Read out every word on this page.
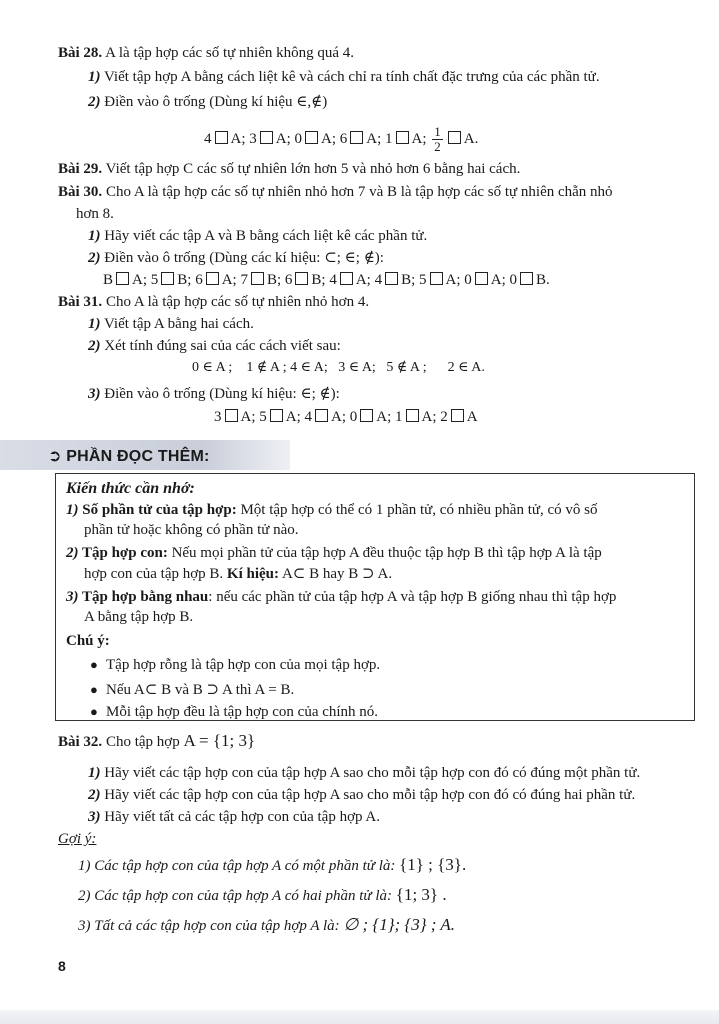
Bài 28. A là tập hợp các số tự nhiên không quá 4.
1) Viết tập hợp A bằng cách liệt kê và cách chỉ ra tính chất đặc trưng của các phần tử.
2) Điền vào ô trống (Dùng kí hiệu ∈,∉)
4 A; 3 A; 0 A; 6 A; 1 A; $\frac{1}{2} A$.
Bài 29. Viết tập hợp C các số tự nhiên lớn hơn 5 và nhỏ hơn 6 bằng hai cách.
Bài 30. Cho A là tập hợp các số tự nhiên nhỏ hơn 7 và B là tập hợp các số tự nhiên chẵn nhỏ
hơn 8.
1) Hãy viết các tập A và B bằng cách liệt kê các phần tử.
2) Điền vào ô trống (Dùng các kí hiệu: ⊂; ∈; ∉):
B A; 5 B; 6 A; 7 B; 6 B; 4 A; 4 B; 5 A; 0 A; 0 B.
Bài 31. Cho A là tập hợp các số tự nhiên nhỏ hơn 4.
1) Viết tập A bằng hai cách.
2) Xét tính đúng sai của các cách viết sau:
0 ∈ A ;    1 ∉ A ; 4 ∈ A;   3 ∈ A;   5 ∉ A ;      2 ∈ A.
3) Điền vào ô trống (Dùng kí hiệu: ∈; ∉):
3 A; 5 A; 4 A; 0 A; 1 A; 2 A
➲ PHẦN ĐỌC THÊM:
Kiến thức cần nhớ:
1) Số phần tử của tập hợp: Một tập hợp có thể có 1 phần tử, có nhiều phần tử, có vô số
phần tử hoặc không có phần tử nào.
2) Tập hợp con: Nếu mọi phần tử của tập hợp A đều thuộc tập hợp B thì tập hợp A là tập
hợp con của tập hợp B. Kí hiệu: A⊂ B hay B ⊃ A.
3) Tập hợp bằng nhau: nếu các phần tử của tập hợp A và tập hợp B giống nhau thì tập hợp
A bằng tập hợp B.
Chú ý:
● Tập hợp rỗng là tập hợp con của mọi tập hợp.
● Nếu A⊂ B và B ⊃ A thì A = B.
● Mỗi tập hợp đều là tập hợp con của chính nó.
Bài 32. Cho tập hợp A = {1; 3}
1) Hãy viết các tập hợp con của tập hợp A sao cho mỗi tập hợp con đó có đúng một phần tử.
2) Hãy viết các tập hợp con của tập hợp A sao cho mỗi tập hợp con đó có đúng hai phần tử.
3) Hãy viết tất cả các tập hợp con của tập hợp A.
Gợi ý:
1) Các tập hợp con của tập hợp A có một phần tử là: {1} ; {3}.
2) Các tập hợp con của tập hợp A có hai phần tử là: {1; 3} .
3) Tất cả các tập hợp con của tập hợp A là: ∅ ; {1}; {3} ; A.
8
